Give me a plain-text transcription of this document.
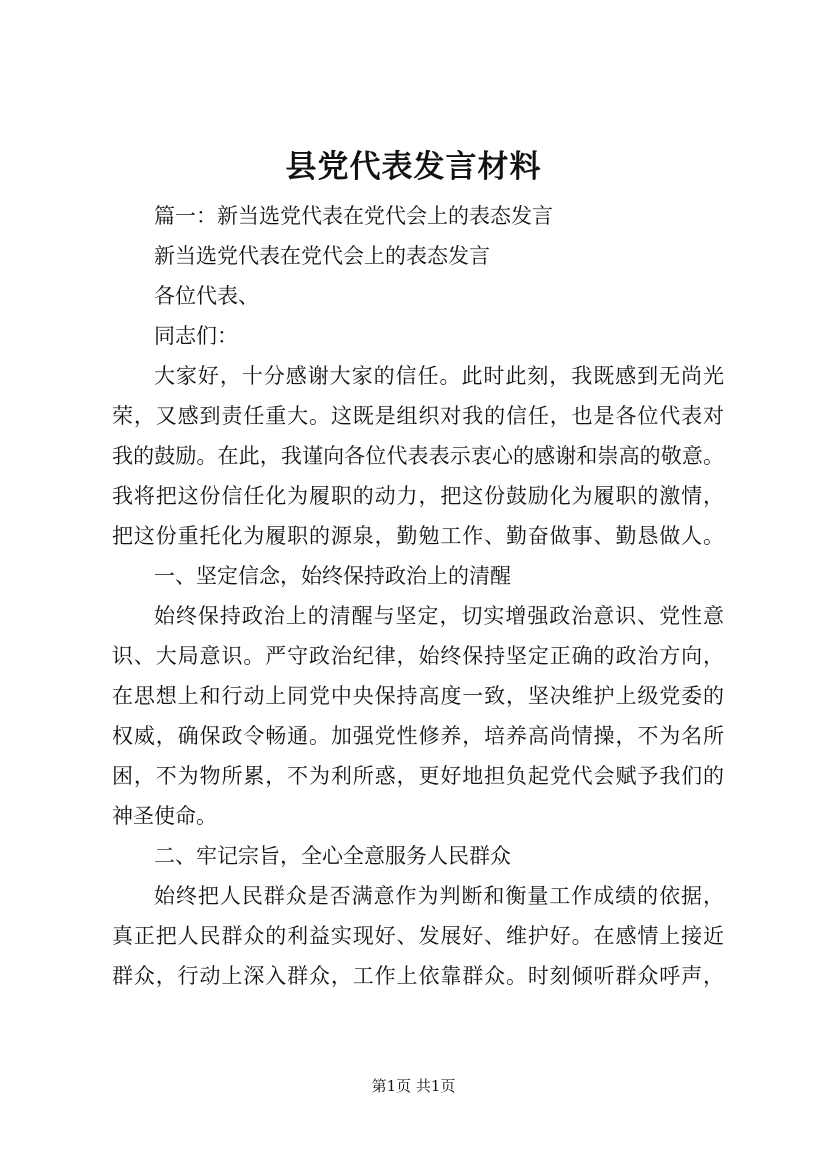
县党代表发言材料
篇一：新当选党代表在党代会上的表态发言
新当选党代表在党代会上的表态发言
各位代表、
同志们：
大家好，十分感谢大家的信任。此时此刻，我既感到无尚光
荣，又感到责任重大。这既是组织对我的信任，也是各位代表对
我的鼓励。在此，我谨向各位代表表示衷心的感谢和崇高的敬意。
我将把这份信任化为履职的动力，把这份鼓励化为履职的激情，
把这份重托化为履职的源泉，勤勉工作、勤奋做事、勤恳做人。
一、坚定信念，始终保持政治上的清醒
始终保持政治上的清醒与坚定，切实增强政治意识、党性意
识、大局意识。严守政治纪律，始终保持坚定正确的政治方向，
在思想上和行动上同党中央保持高度一致，坚决维护上级党委的
权威，确保政令畅通。加强党性修养，培养高尚情操，不为名所
困，不为物所累，不为利所惑，更好地担负起党代会赋予我们的
神圣使命。
二、牢记宗旨，全心全意服务人民群众
始终把人民群众是否满意作为判断和衡量工作成绩的依据，
真正把人民群众的利益实现好、发展好、维护好。在感情上接近
群众，行动上深入群众，工作上依靠群众。时刻倾听群众呼声，
第1页 共1页
